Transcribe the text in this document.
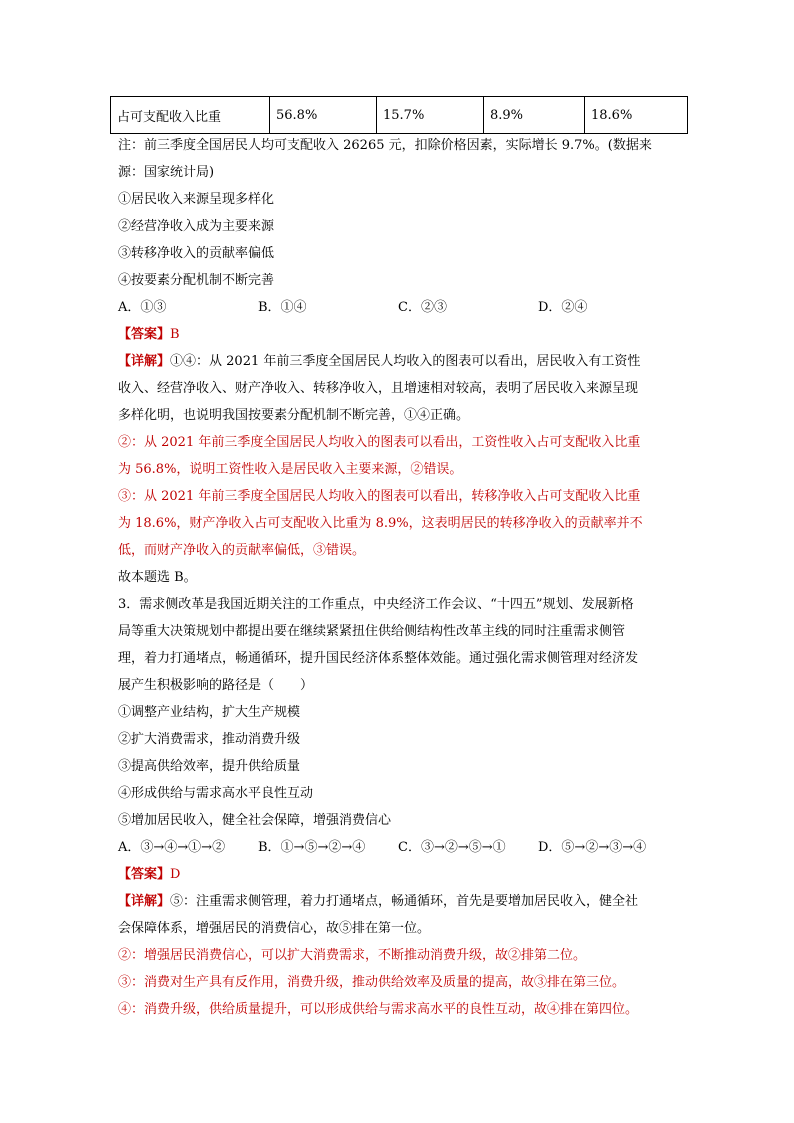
占可支配收入比重	56.8%	15.7%	8.9%	18.6%
注：前三季度全国居民人均可支配收入 26265 元，扣除价格因素，实际增长 9.7%。(数据来
源：国家统计局)
①居民收入来源呈现多样化
②经营净收入成为主要来源
③转移净收入的贡献率偏低
④按要素分配机制不断完善
A．①③	B．①④	C．②③	D．②④
【答案】B
【详解】①④：从 2021 年前三季度全国居民人均收入的图表可以看出，居民收入有工资性
收入、经营净收入、财产净收入、转移净收入，且增速相对较高，表明了居民收入来源呈现
多样化明，也说明我国按要素分配机制不断完善，①④正确。
②：从 2021 年前三季度全国居民人均收入的图表可以看出，工资性收入占可支配收入比重
为 56.8%，说明工资性收入是居民收入主要来源，②错误。
③：从 2021 年前三季度全国居民人均收入的图表可以看出，转移净收入占可支配收入比重
为 18.6%，财产净收入占可支配收入比重为 8.9%，这表明居民的转移净收入的贡献率并不
低，而财产净收入的贡献率偏低，③错误。
故本题选 B。
3．需求侧改革是我国近期关注的工作重点，中央经济工作会议、“十四五”规划、发展新格
局等重大决策规划中都提出要在继续紧紧扭住供给侧结构性改革主线的同时注重需求侧管
理，着力打通堵点，畅通循环，提升国民经济体系整体效能。通过强化需求侧管理对经济发
展产生积极影响的路径是（　　）
①调整产业结构，扩大生产规模
②扩大消费需求，推动消费升级
③提高供给效率，提升供给质量
④形成供给与需求高水平良性互动
⑤增加居民收入，健全社会保障，增强消费信心
A．③→④→①→②	B．①→⑤→②→④	C．③→②→⑤→① D．⑤→②→③→④
【答案】D
【详解】⑤：注重需求侧管理，着力打通堵点，畅通循环，首先是要增加居民收入，健全社
会保障体系，增强居民的消费信心，故⑤排在第一位。
②：增强居民消费信心，可以扩大消费需求，不断推动消费升级，故②排第二位。
③：消费对生产具有反作用，消费升级，推动供给效率及质量的提高，故③排在第三位。
④：消费升级，供给质量提升，可以形成供给与需求高水平的良性互动，故④排在第四位。
